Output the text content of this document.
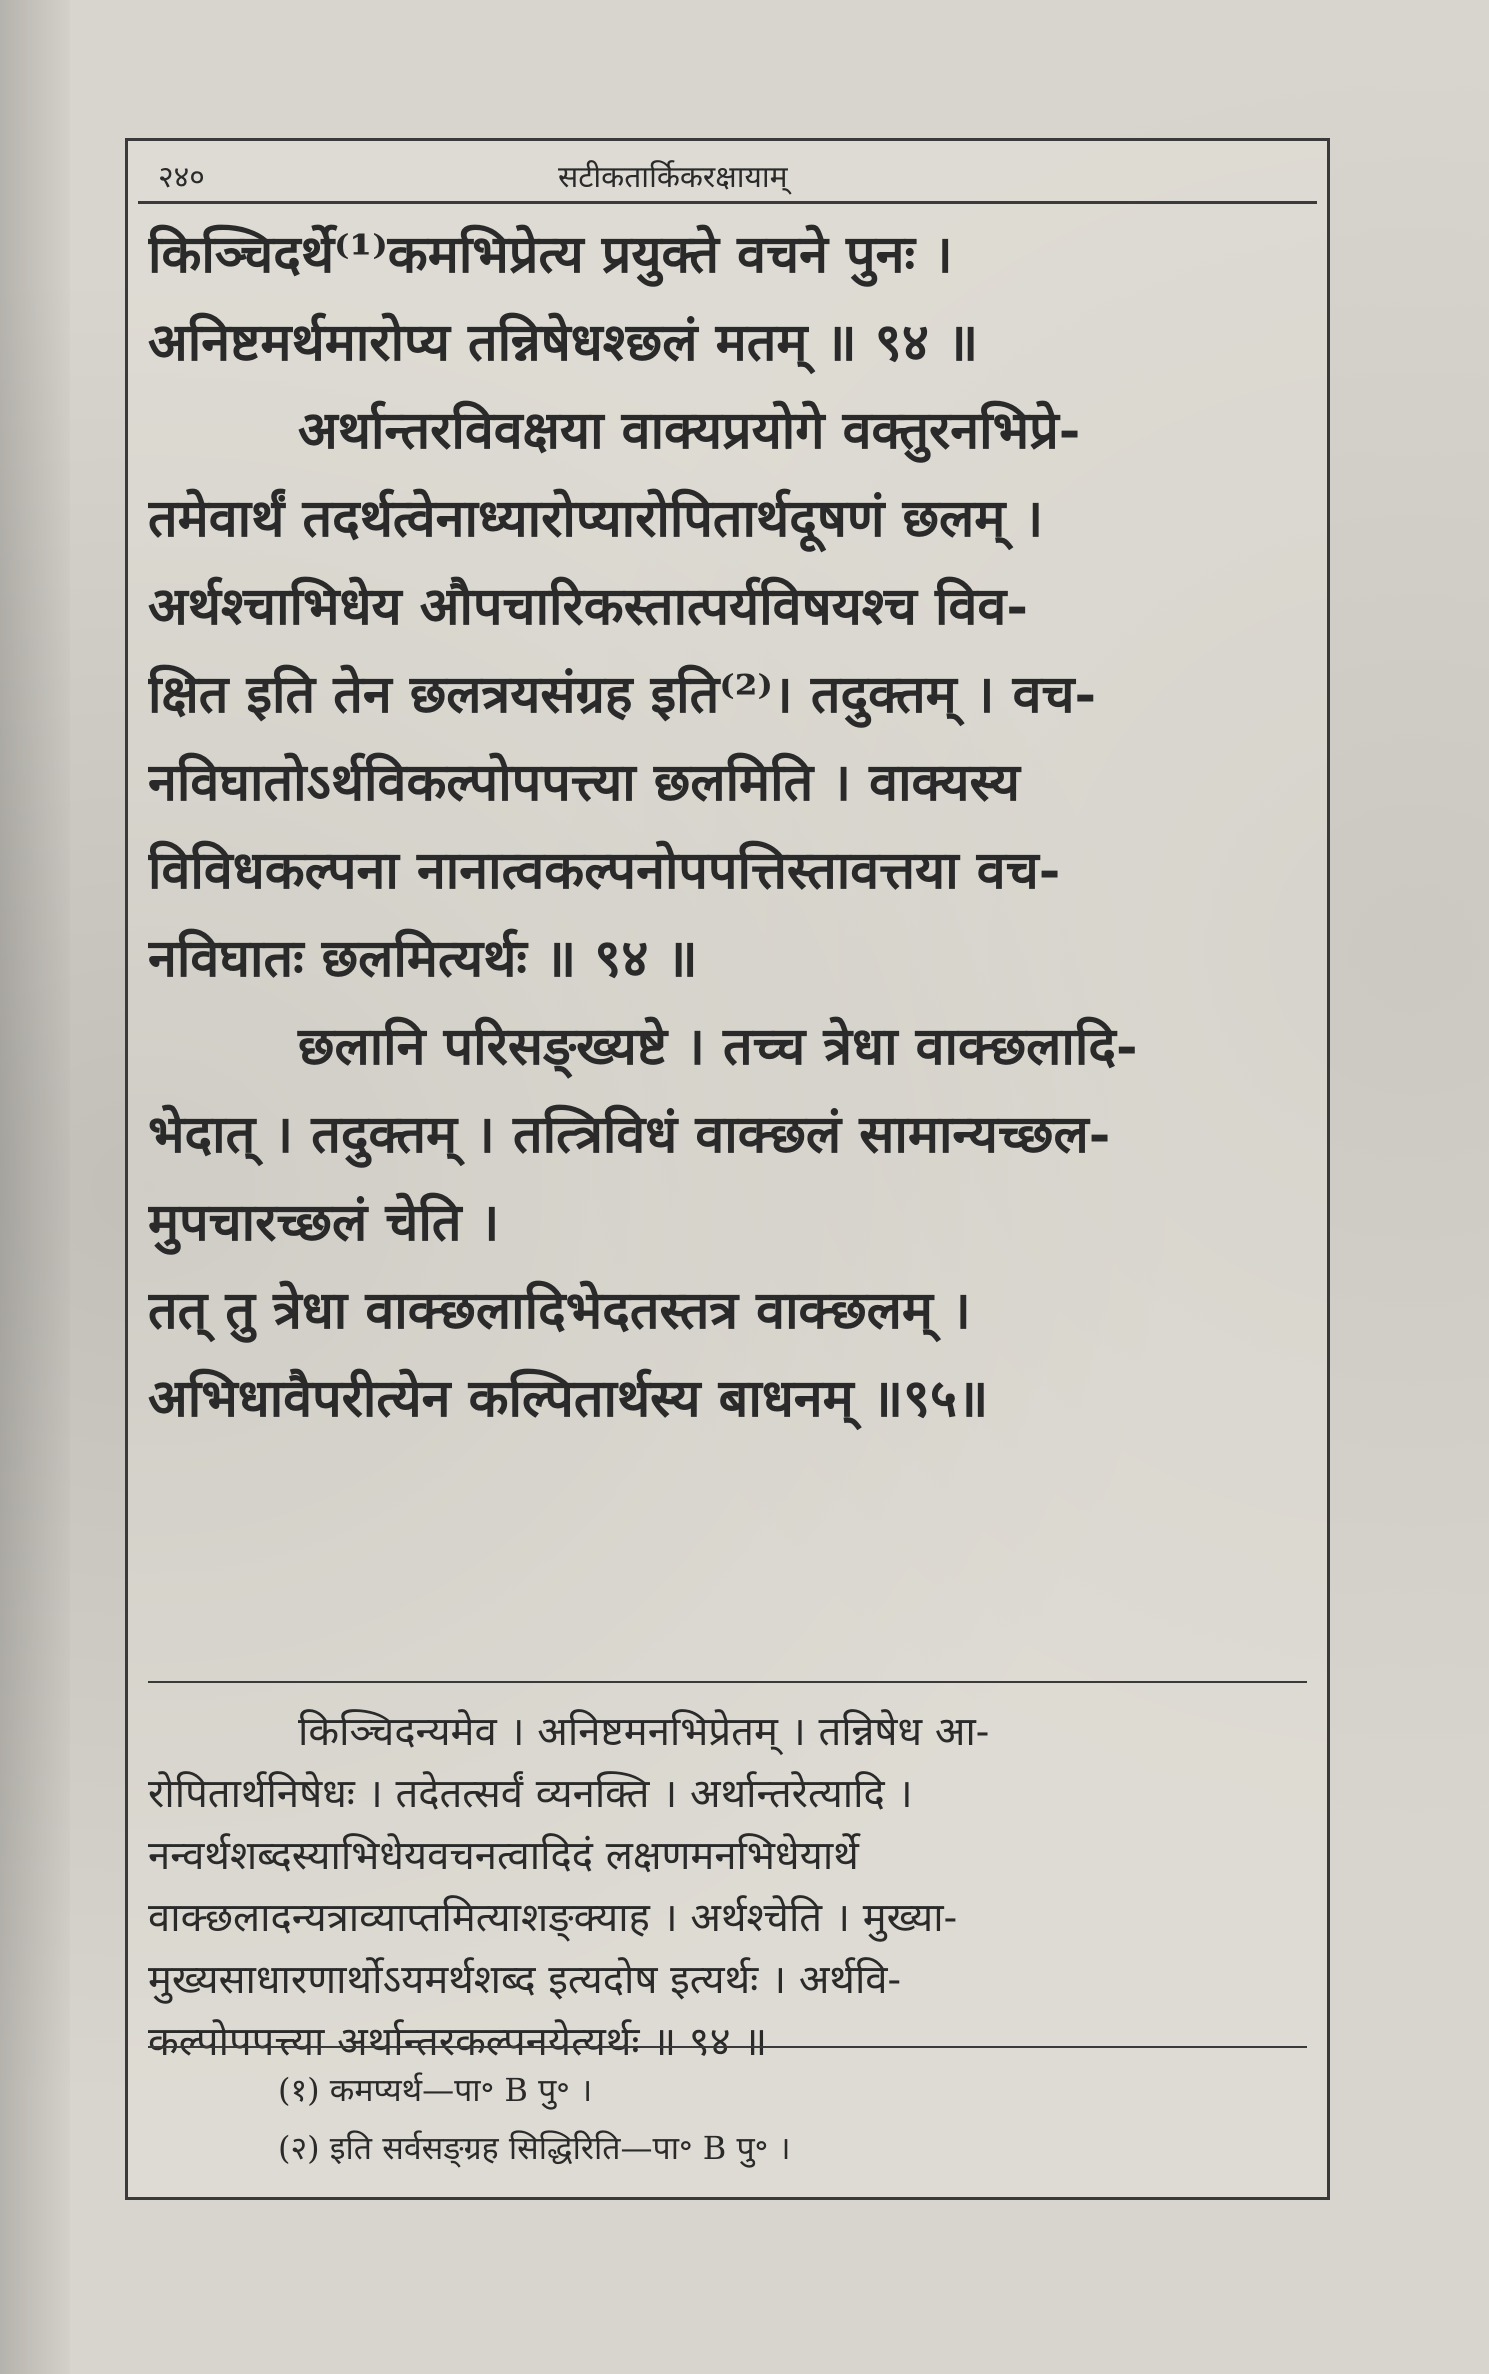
२४०	सटीकतार्किकरक्षायाम्
किञ्चिदर्थे⁽¹⁾कमभिप्रेत्य प्रयुक्ते वचने पुनः ।
अनिष्टमर्थमारोप्य तन्निषेधश्छलं मतम् ॥ ९४ ॥
अर्थान्तरविवक्षया वाक्यप्रयोगे वक्तुरनभिप्रे-
तमेवार्थं तदर्थत्वेनाध्यारोप्यारोपितार्थदूषणं छलम् ।
अर्थश्चाभिधेय औपचारिकस्तात्पर्यविषयश्च विव-
क्षित इति तेन छलत्रयसंग्रह इति⁽²⁾। तदुक्तम् । वच-
नविघातोऽर्थविकल्पोपपत्त्या छलमिति । वाक्यस्य
विविधकल्पना नानात्वकल्पनोपपत्तिस्तावत्तया वच-
नविघातः छलमित्यर्थः ॥ ९४ ॥
छलानि परिसङ्ख्यष्टे । तच्च त्रेधा वाक्छलादि-
भेदात् । तदुक्तम् । तत्त्रिविधं वाक्छलं सामान्यच्छल-
मुपचारच्छलं चेति ।
तत् तु त्रेधा वाक्छलादिभेदतस्तत्र वाक्छलम् ।
अभिधावैपरीत्येन कल्पितार्थस्य बाधनम् ॥९५॥
किञ्चिदन्यमेव । अनिष्टमनभिप्रेतम् । तन्निषेध आ-
रोपितार्थनिषेधः । तदेतत्सर्वं व्यनक्ति । अर्थान्तरेत्यादि ।
नन्वर्थशब्दस्याभिधेयवचनत्वादिदं लक्षणमनभिधेयार्थे
वाक्छलादन्यत्राव्याप्तमित्याशङ्क्याह । अर्थश्चेति । मुख्या-
मुख्यसाधारणार्थोऽयमर्थशब्द इत्यदोष इत्यर्थः । अर्थवि-
कल्पोपपत्त्या अर्थान्तरकल्पनयेत्यर्थः ॥ ९४ ॥
(१) कमप्यर्थ—पा॰ B पु॰ ।
(२) इति सर्वसङ्ग्रह सिद्धिरिति—पा॰ B पु॰ ।
